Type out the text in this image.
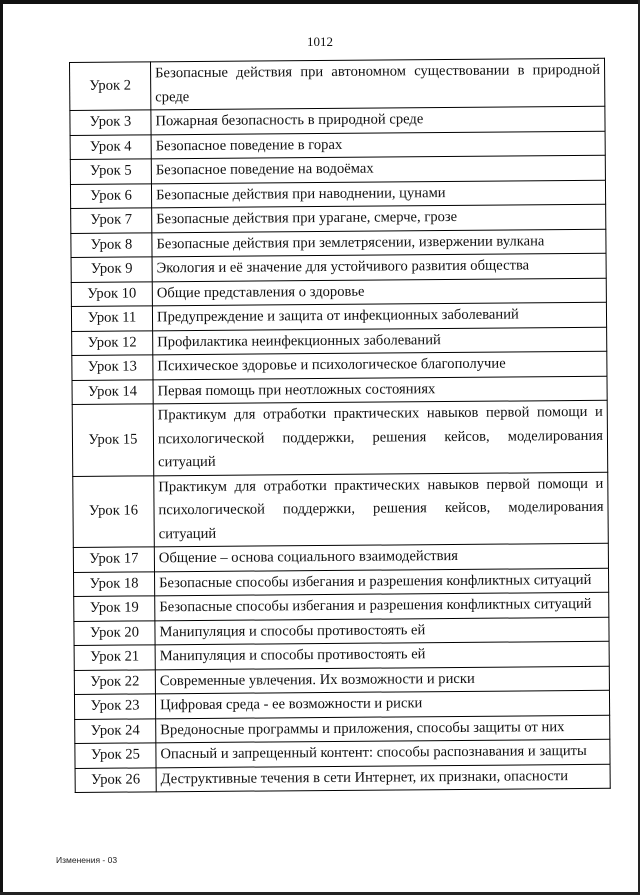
1012
Урок 2	Безопасные действия при автономном существовании в природной среде
Урок 3	Пожарная безопасность в природной среде
Урок 4	Безопасное поведение в горах
Урок 5	Безопасное поведение на водоёмах
Урок 6	Безопасные действия при наводнении, цунами
Урок 7	Безопасные действия при урагане, смерче, грозе
Урок 8	Безопасные действия при землетрясении, извержении вулкана
Урок 9	Экология и её значение для устойчивого развития общества
Урок 10	Общие представления о здоровье
Урок 11	Предупреждение и защита от инфекционных заболеваний
Урок 12	Профилактика неинфекционных заболеваний
Урок 13	Психическое здоровье и психологическое благополучие
Урок 14	Первая помощь при неотложных состояниях
Урок 15	Практикум для отработки практических навыков первой помощи и психологической поддержки, решения кейсов, моделирования ситуаций
Урок 16	Практикум для отработки практических навыков первой помощи и психологической поддержки, решения кейсов, моделирования ситуаций
Урок 17	Общение – основа социального взаимодействия
Урок 18	Безопасные способы избегания и разрешения конфликтных ситуаций
Урок 19	Безопасные способы избегания и разрешения конфликтных ситуаций
Урок 20	Манипуляция и способы противостоять ей
Урок 21	Манипуляция и способы противостоять ей
Урок 22	Современные увлечения. Их возможности и риски
Урок 23	Цифровая среда - ее возможности и риски
Урок 24	Вредоносные программы и приложения, способы защиты от них
Урок 25	Опасный и запрещенный контент: способы распознавания и защиты
Урок 26	Деструктивные течения в сети Интернет, их признаки, опасности
Изменения - 03
